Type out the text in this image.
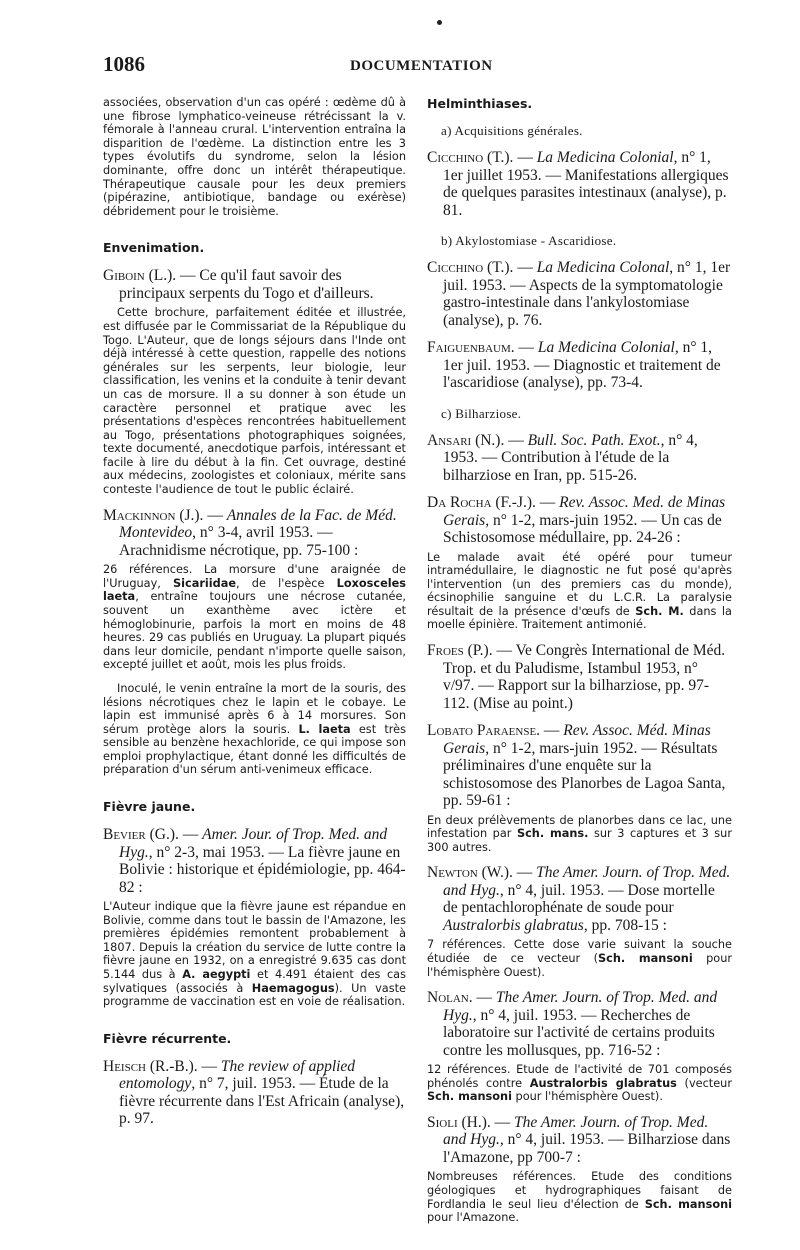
1086	DOCUMENTATION

associées, observation d'un cas opéré : œdème dû à une fibrose lymphatico-veineuse rétrécissant la v. fémorale à l'anneau crural. L'intervention entraîna la disparition de l'œdème. La distinction entre les 3 types évolutifs du syndrome, selon la lésion dominante, offre donc un intérêt thérapeutique. Thérapeutique causale pour les deux premiers (pipérazine, antibiotique, bandage ou exérèse) débridement pour le troisième.

Envenimation.

Giboin (L.). — Ce qu'il faut savoir des principaux serpents du Togo et d'ailleurs.

Cette brochure, parfaitement éditée et illustrée, est diffusée par le Commissariat de la République du Togo. L'Auteur, que de longs séjours dans l'Inde ont déjà intéressé à cette question, rappelle des notions générales sur les serpents, leur biologie, leur classification, les venins et la conduite à tenir devant un cas de morsure. Il a su donner à son étude un caractère personnel et pratique avec les présentations d'espèces rencontrées habituellement au Togo, présentations photographiques soignées, texte documenté, anecdotique parfois, intéressant et facile à lire du début à la fin. Cet ouvrage, destiné aux médecins, zoologistes et coloniaux, mérite sans conteste l'audience de tout le public éclairé.

Mackinnon (J.). — Annales de la Fac. de Méd. Montevideo, n° 3-4, avril 1953. — Arachnidisme nécrotique, pp. 75-100 :

26 références. La morsure d'une araignée de l'Uruguay, Sicariidae, de l'espèce Loxosceles laeta, entraîne toujours une nécrose cutanée, souvent un exanthème avec ictère et hémoglobinurie, parfois la mort en moins de 48 heures. 29 cas publiés en Uruguay. La plupart piqués dans leur domicile, pendant n'importe quelle saison, excepté juillet et août, mois les plus froids.

Inoculé, le venin entraîne la mort de la souris, des lésions nécrotiques chez le lapin et le cobaye. Le lapin est immunisé après 6 à 14 morsures. Son sérum protège alors la souris. L. laeta est très sensible au benzène hexachloride, ce qui impose son emploi prophylactique, étant donné les difficultés de préparation d'un sérum anti-venimeux efficace.

Fièvre jaune.

Bevier (G.). — Amer. Jour. of Trop. Med. and Hyg., n° 2-3, mai 1953. — La fièvre jaune en Bolivie : historique et épidémiologie, pp. 464-82 :

L'Auteur indique que la fièvre jaune est répandue en Bolivie, comme dans tout le bassin de l'Amazone, les premières épidémies remontent probablement à 1807. Depuis la création du service de lutte contre la fièvre jaune en 1932, on a enregistré 9.635 cas dont 5.144 dus à A. aegypti et 4.491 étaient des cas sylvatiques (associés à Haemagogus). Un vaste programme de vaccination est en voie de réalisation.

Fièvre récurrente.

Heisch (R.-B.). — The review of applied entomology, n° 7, juil. 1953. — Étude de la fièvre récurrente dans l'Est Africain (analyse), p. 97.

Helminthiases.
a) Acquisitions générales.

Cicchino (T.). — La Medicina Colonial, n° 1, 1er juillet 1953. — Manifestations allergiques de quelques parasites intestinaux (analyse), p. 81.

b) Akylostomiase - Ascaridiose.

Cicchino (T.). — La Medicina Colonal, n° 1, 1er juil. 1953. — Aspects de la symptomatologie gastro-intestinale dans l'ankylostomiase (analyse), p. 76.

Faiguenbaum. — La Medicina Colonial, n° 1, 1er juil. 1953. — Diagnostic et traitement de l'ascaridiose (analyse), pp. 73-4.

c) Bilharziose.

Ansari (N.). — Bull. Soc. Path. Exot., n° 4, 1953. — Contribution à l'étude de la bilharziose en Iran, pp. 515-26.

Da Rocha (F.-J.). — Rev. Assoc. Med. de Minas Gerais, n° 1-2, mars-juin 1952. — Un cas de Schistosomose médullaire, pp. 24-26 :

Le malade avait été opéré pour tumeur intramédullaire, le diagnostic ne fut posé qu'après l'intervention (un des premiers cas du monde), écsinophilie sanguine et du L.C.R. La paralysie résultait de la présence d'œufs de Sch. M. dans la moelle épinière. Traitement antimonié.

Froes (P.). — Ve Congrès International de Méd. Trop. et du Paludisme, Istambul 1953, n° v/97. — Rapport sur la bilharziose, pp. 97-112. (Mise au point.)

Lobato Paraense. — Rev. Assoc. Méd. Minas Gerais, n° 1-2, mars-juin 1952. — Résultats préliminaires d'une enquête sur la schistosomose des Planorbes de Lagoa Santa, pp. 59-61 :

En deux prélèvements de planorbes dans ce lac, une infestation par Sch. mans. sur 3 captures et 3 sur 300 autres.

Newton (W.). — The Amer. Journ. of Trop. Med. and Hyg., n° 4, juil. 1953. — Dose mortelle de pentachlorophénate de soude pour Australorbis glabratus, pp. 708-15 :

7 références. Cette dose varie suivant la souche étudiée de ce vecteur (Sch. mansoni pour l'hémisphère Ouest).

Nolan. — The Amer. Journ. of Trop. Med. and Hyg., n° 4, juil. 1953. — Recherches de laboratoire sur l'activité de certains produits contre les mollusques, pp. 716-52 :

12 références. Etude de l'activité de 701 composés phénolés contre Australorbis glabratus (vecteur Sch. mansoni pour l'hémisphère Ouest).

Sioli (H.). — The Amer. Journ. of Trop. Med. and Hyg., n° 4, juil. 1953. — Bilharziose dans l'Amazone, pp 700-7 :

Nombreuses références. Etude des conditions géologiques et hydrographiques faisant de Fordlandia le seul lieu d'élection de Sch. mansoni pour l'Amazone.
